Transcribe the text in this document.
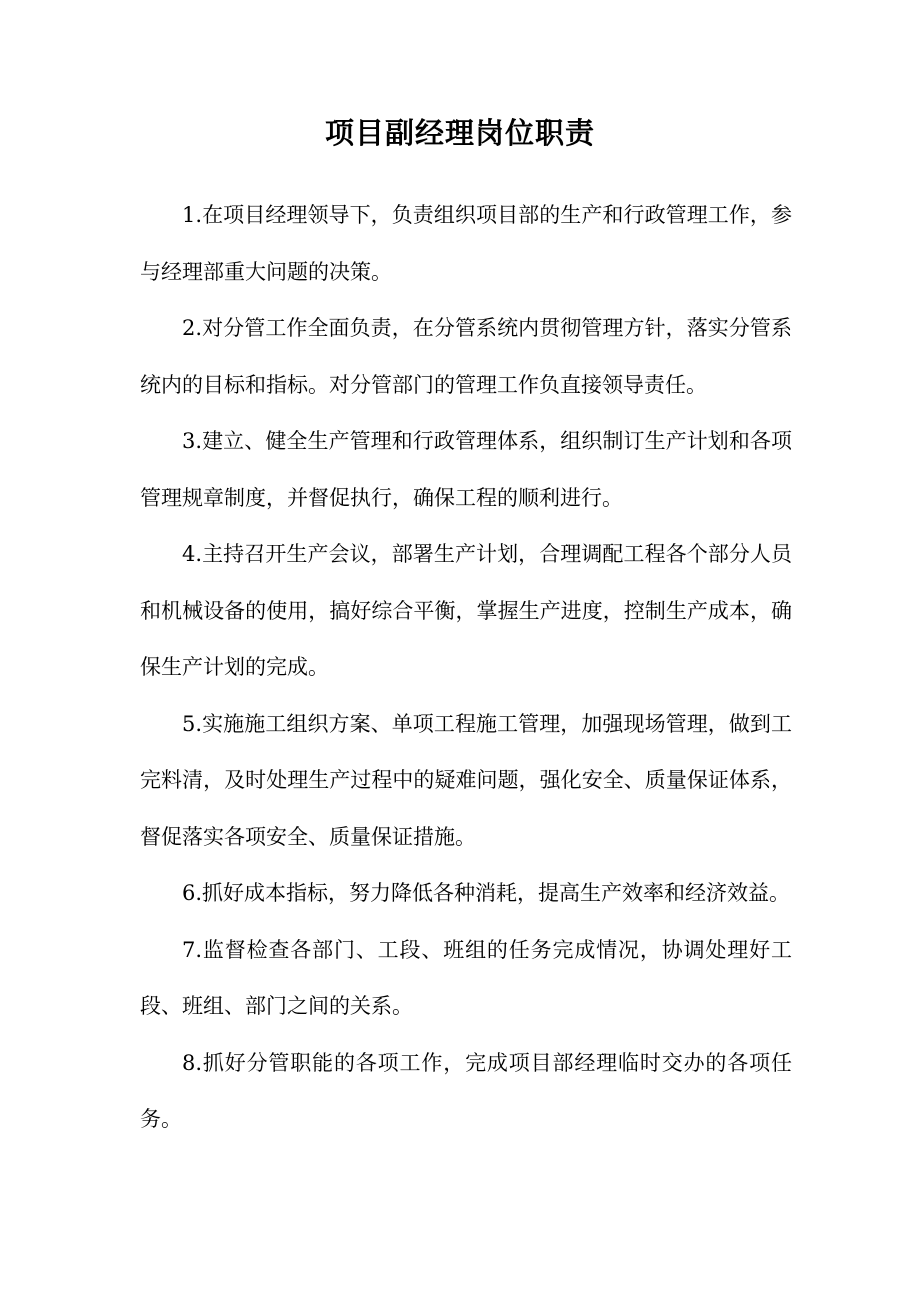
项目副经理岗位职责

1.在项目经理领导下，负责组织项目部的生产和行政管理工作，参与经理部重大问题的决策。

2.对分管工作全面负责，在分管系统内贯彻管理方针，落实分管系统内的目标和指标。对分管部门的管理工作负直接领导责任。

3.建立、健全生产管理和行政管理体系，组织制订生产计划和各项管理规章制度，并督促执行，确保工程的顺利进行。

4.主持召开生产会议，部署生产计划，合理调配工程各个部分人员和机械设备的使用，搞好综合平衡，掌握生产进度，控制生产成本，确保生产计划的完成。

5.实施施工组织方案、单项工程施工管理，加强现场管理，做到工完料清，及时处理生产过程中的疑难问题，强化安全、质量保证体系，督促落实各项安全、质量保证措施。

6.抓好成本指标，努力降低各种消耗，提高生产效率和经济效益。

7.监督检查各部门、工段、班组的任务完成情况，协调处理好工段、班组、部门之间的关系。

8.抓好分管职能的各项工作，完成项目部经理临时交办的各项任务。
